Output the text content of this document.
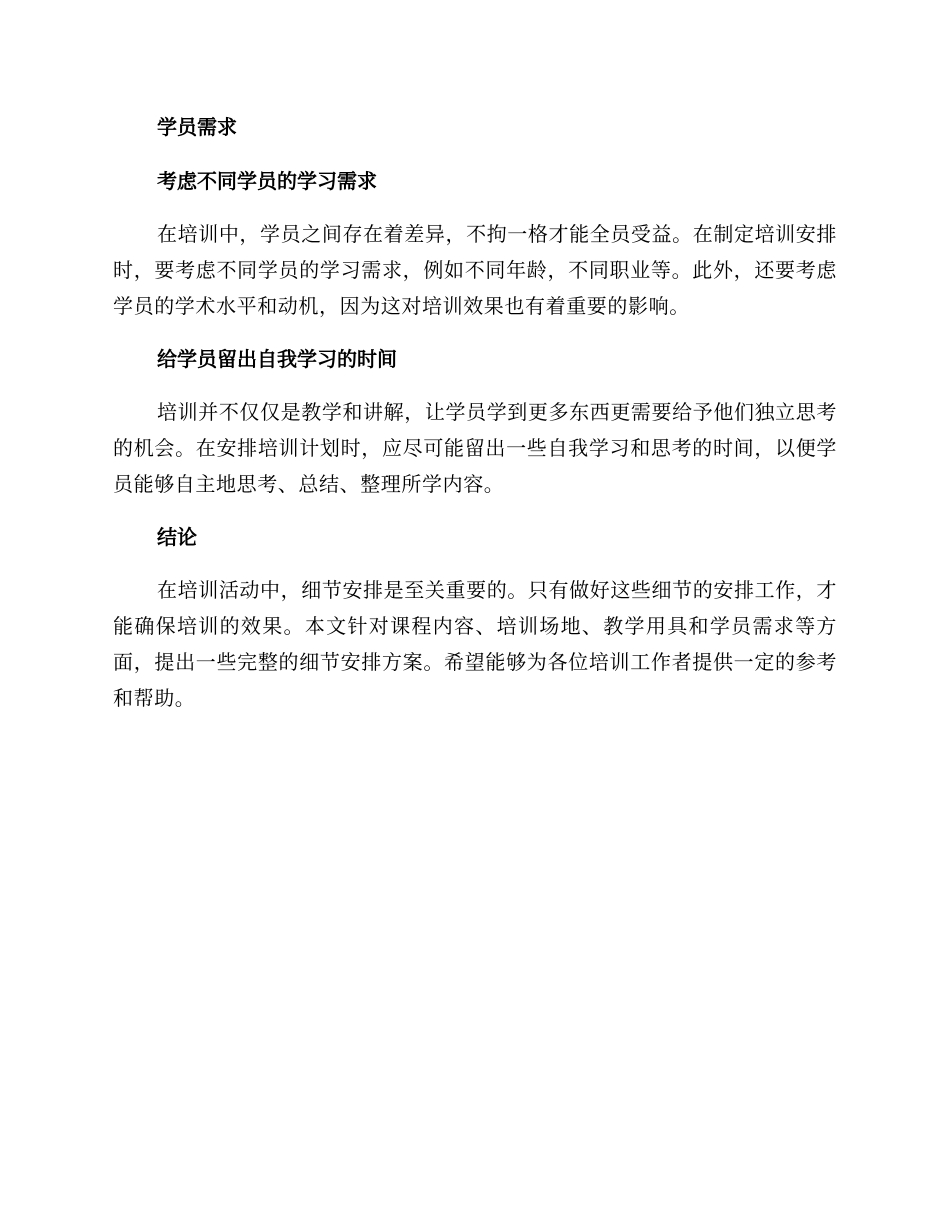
学员需求
考虑不同学员的学习需求

在培训中，学员之间存在着差异，不拘一格才能全员受益。在制定培训安排时，要考虑不同学员的学习需求，例如不同年龄，不同职业等。此外，还要考虑学员的学术水平和动机，因为这对培训效果也有着重要的影响。

给学员留出自我学习的时间

培训并不仅仅是教学和讲解，让学员学到更多东西更需要给予他们独立思考的机会。在安排培训计划时，应尽可能留出一些自我学习和思考的时间，以便学员能够自主地思考、总结、整理所学内容。

结论

在培训活动中，细节安排是至关重要的。只有做好这些细节的安排工作，才能确保培训的效果。本文针对课程内容、培训场地、教学用具和学员需求等方面，提出一些完整的细节安排方案。希望能够为各位培训工作者提供一定的参考和帮助。
